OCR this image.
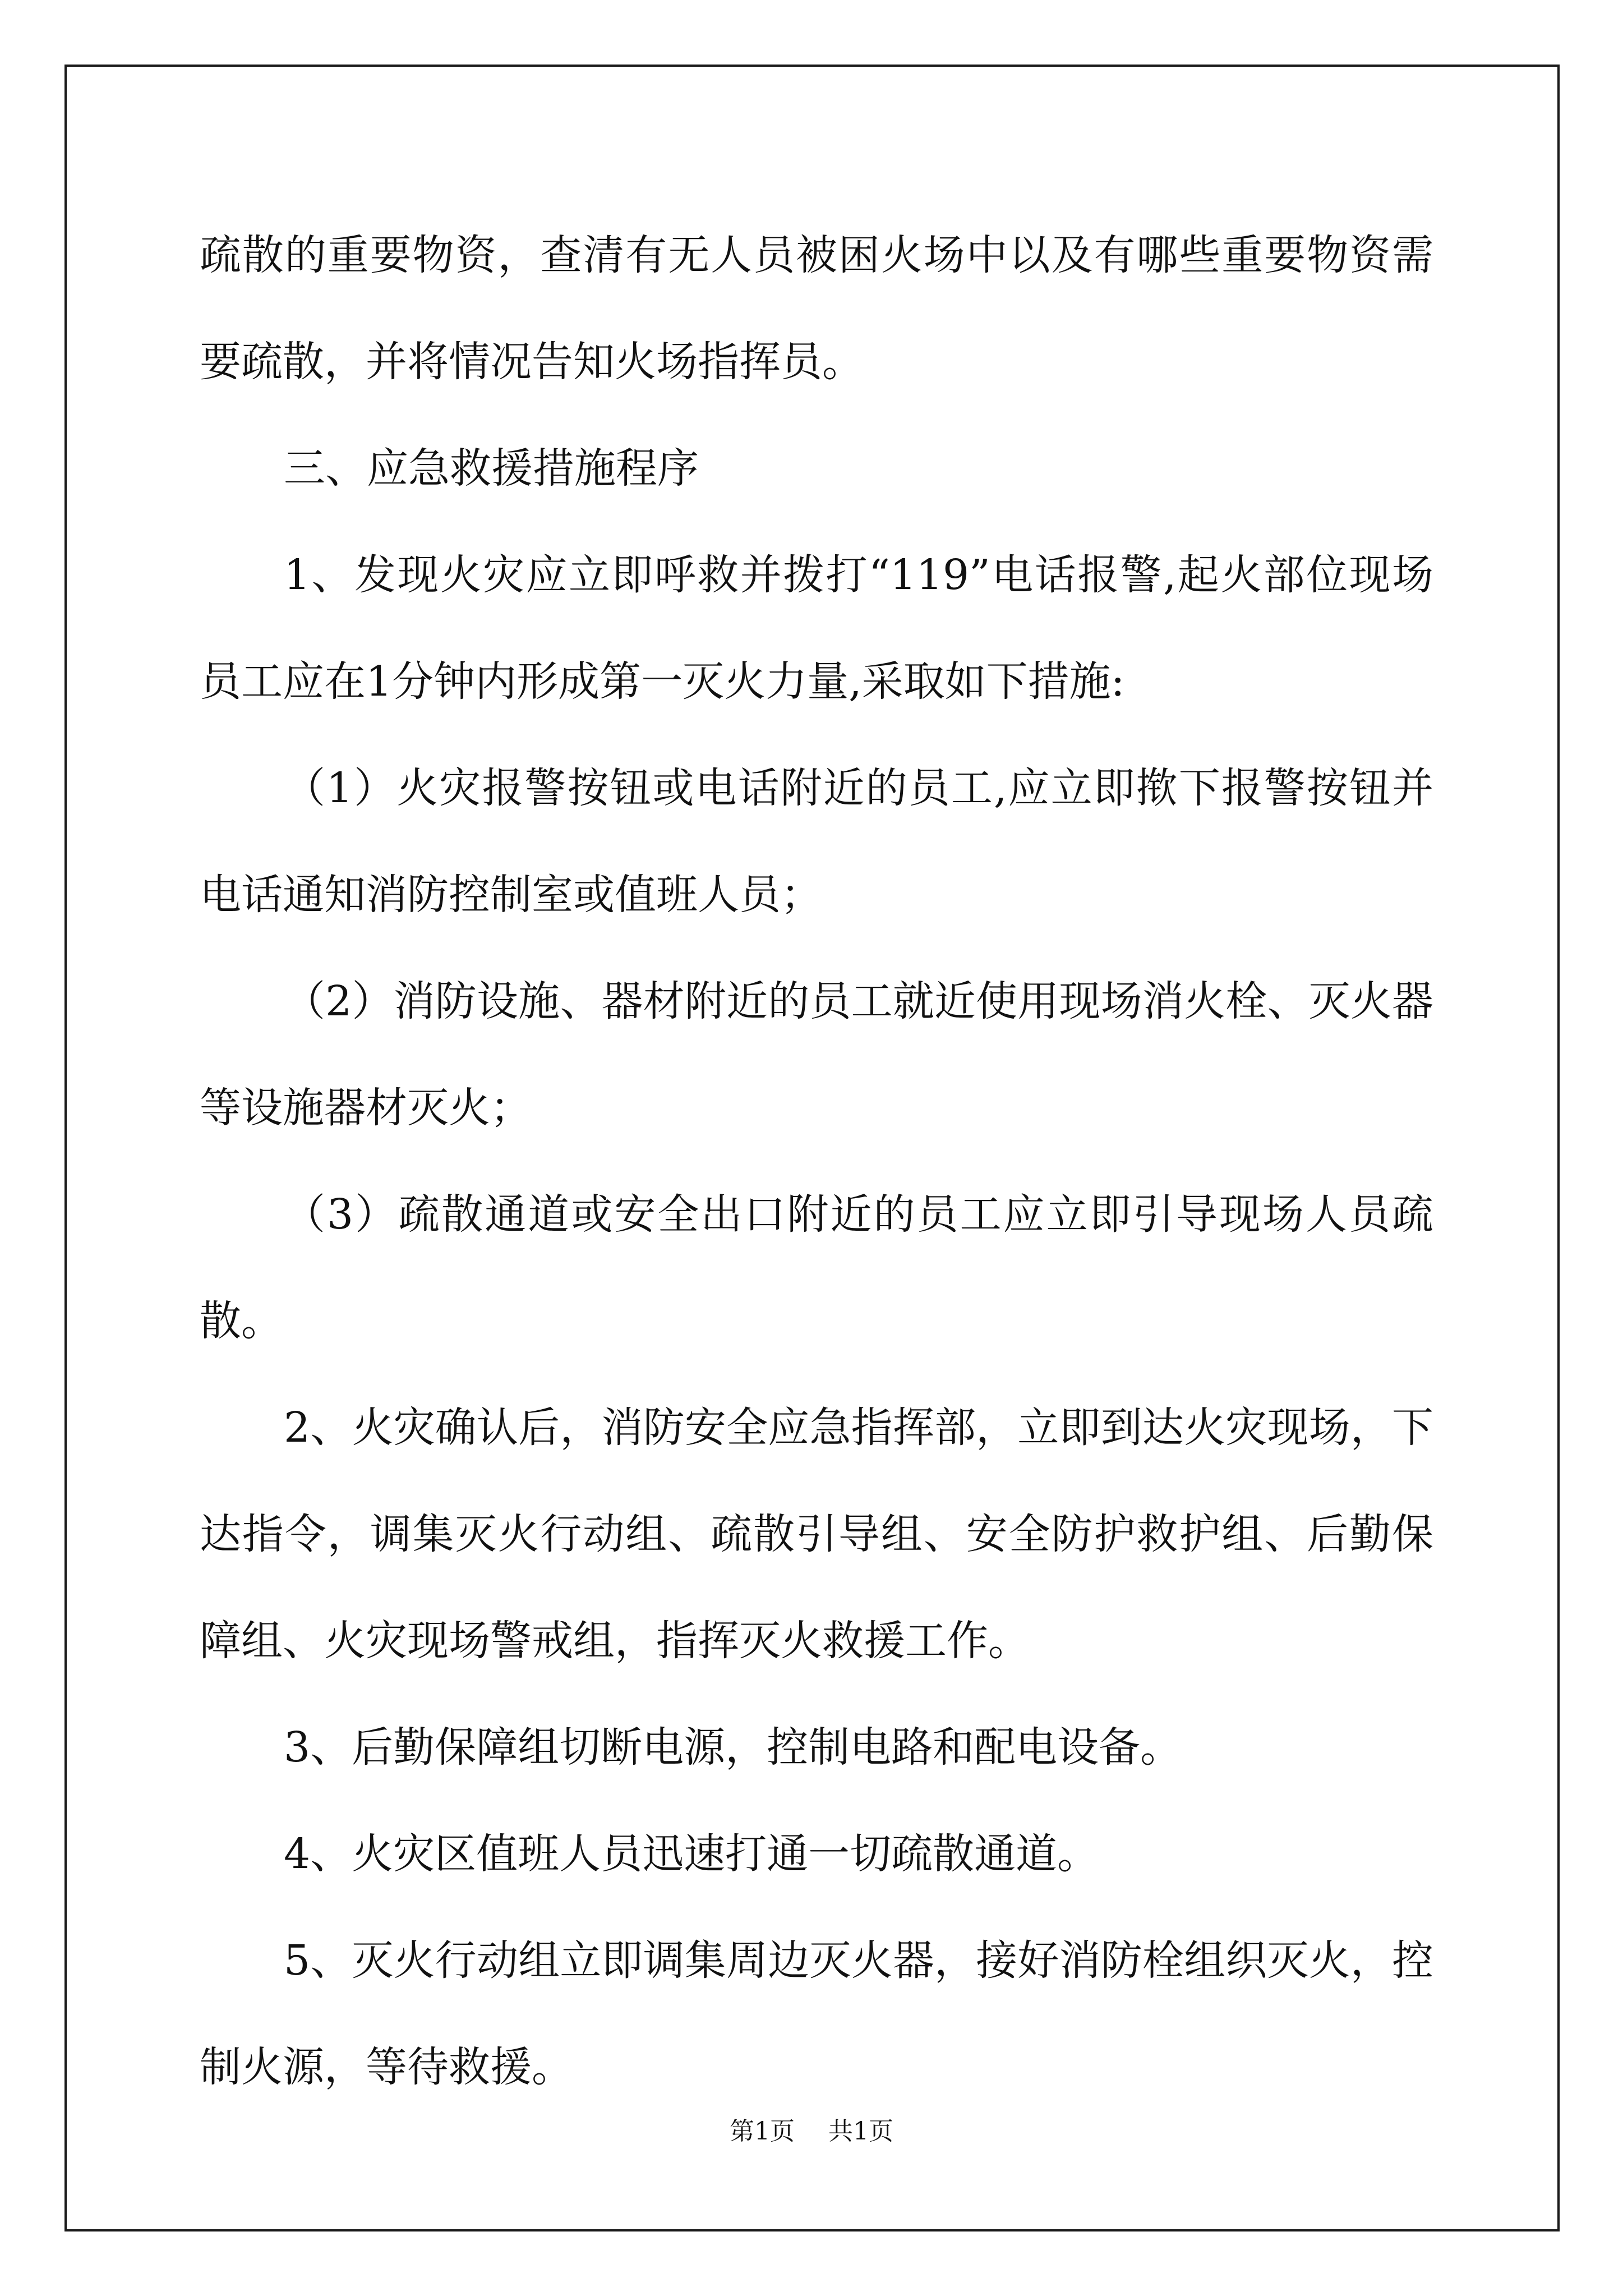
疏散的重要物资，查清有无人员被困火场中以及有哪些重要物资需要疏散，并将情况告知火场指挥员。

三、应急救援措施程序

1、发现火灾应立即呼救并拨打“119”电话报警,起火部位现场员工应在1分钟内形成第一灭火力量,采取如下措施:

（1）火灾报警按钮或电话附近的员工,应立即揿下报警按钮并电话通知消防控制室或值班人员；

（2）消防设施、器材附近的员工就近使用现场消火栓、灭火器等设施器材灭火；

（3）疏散通道或安全出口附近的员工应立即引导现场人员疏散。

2、火灾确认后，消防安全应急指挥部，立即到达火灾现场，下达指令，调集灭火行动组、疏散引导组、安全防护救护组、后勤保障组、火灾现场警戒组，指挥灭火救援工作。

3、后勤保障组切断电源，控制电路和配电设备。

4、火灾区值班人员迅速打通一切疏散通道。

5、灭火行动组立即调集周边灭火器，接好消防栓组织灭火，控制火源，等待救援。

第1页 共1页
